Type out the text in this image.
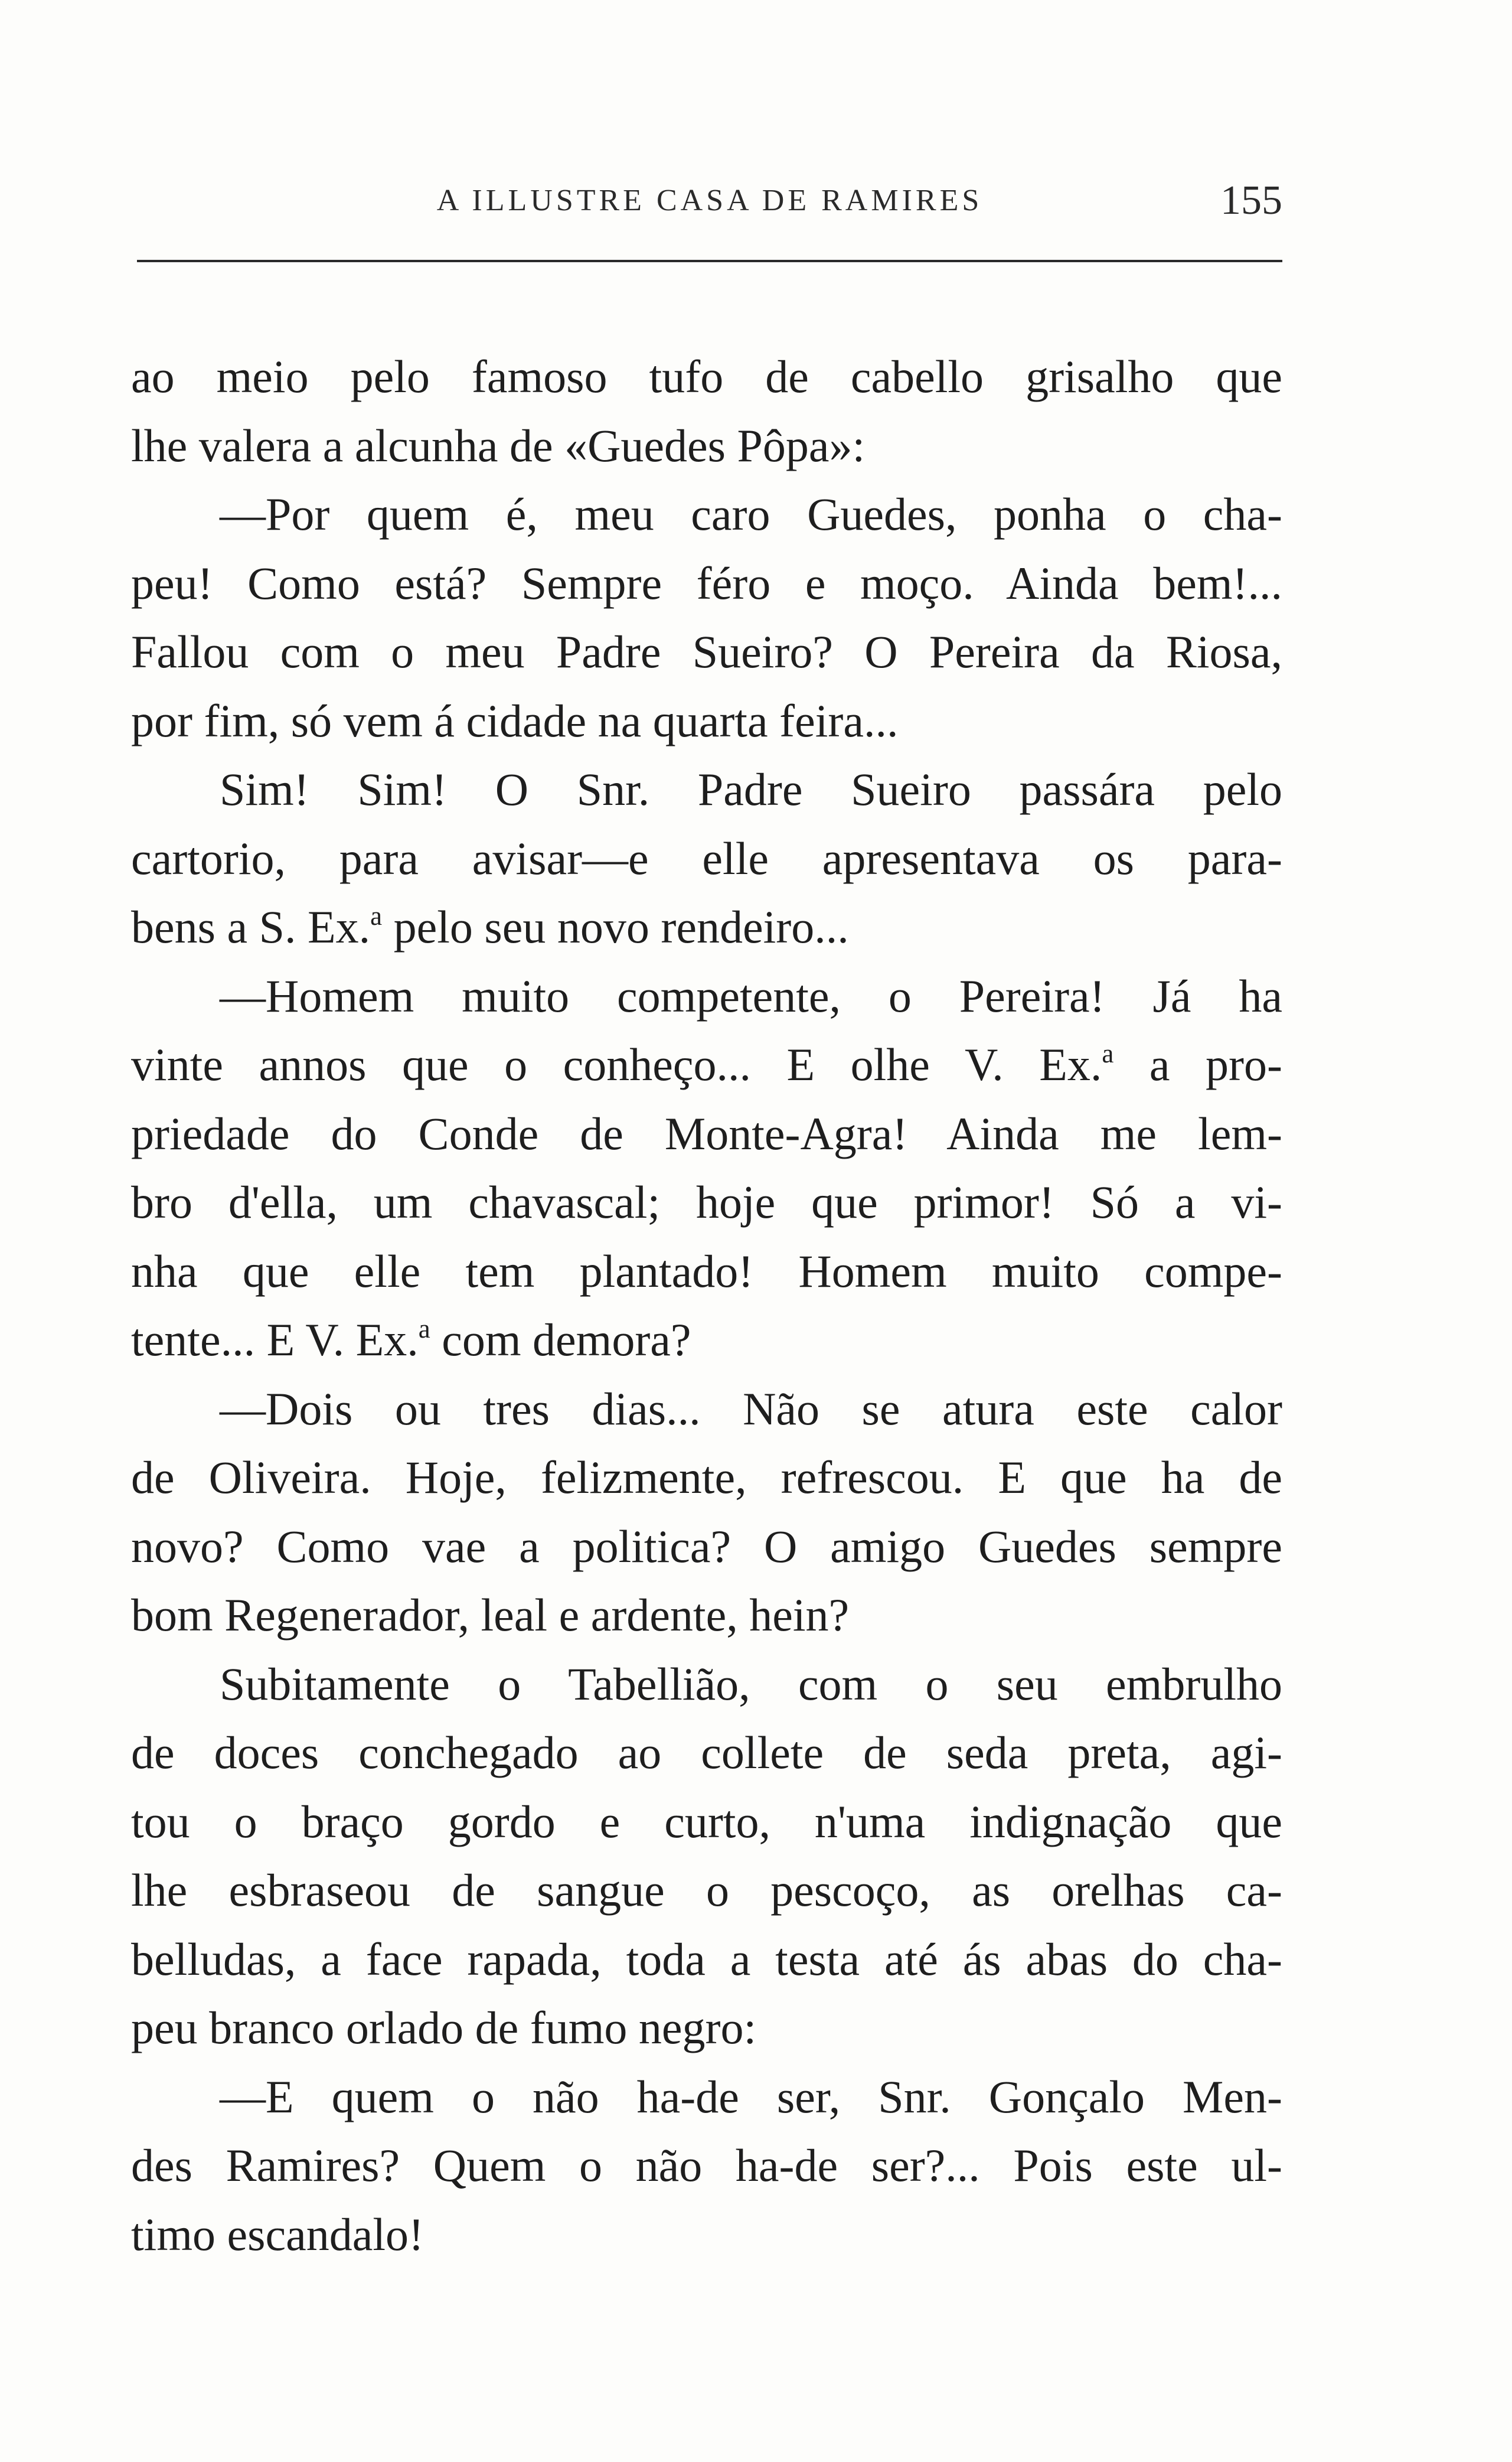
A ILLUSTRE CASA DE RAMIRES	155
ao meio pelo famoso tufo de cabello grisalho que
lhe valera a alcunha de «Guedes Pôpa»:
—Por quem é, meu caro Guedes, ponha o cha-
peu! Como está? Sempre féro e moço. Ainda bem!...
Fallou com o meu Padre Sueiro? O Pereira da Riosa,
por fim, só vem á cidade na quarta feira...
Sim! Sim! O Snr. Padre Sueiro passára pelo
cartorio, para avisar—e elle apresentava os para-
bens a S. Ex.$^a$ pelo seu novo rendeiro...
—Homem muito competente, o Pereira! Já ha
vinte annos que o conheço... E olhe V. Ex.$^a$ a pro-
priedade do Conde de Monte-Agra! Ainda me lem-
bro d'ella, um chavascal; hoje que primor! Só a vi-
nha que elle tem plantado! Homem muito compe-
tente... E V. Ex.$^a$ com demora?
—Dois ou tres dias... Não se atura este calor
de Oliveira. Hoje, felizmente, refrescou. E que ha de
novo? Como vae a politica? O amigo Guedes sempre
bom Regenerador, leal e ardente, hein?
Subitamente o Tabellião, com o seu embrulho
de doces conchegado ao collete de seda preta, agi-
tou o braço gordo e curto, n'uma indignação que
lhe esbraseou de sangue o pescoço, as orelhas ca-
belludas, a face rapada, toda a testa até ás abas do cha-
peu branco orlado de fumo negro:
—E quem o não ha-de ser, Snr. Gonçalo Men-
des Ramires? Quem o não ha-de ser?... Pois este ul-
timo escandalo!
